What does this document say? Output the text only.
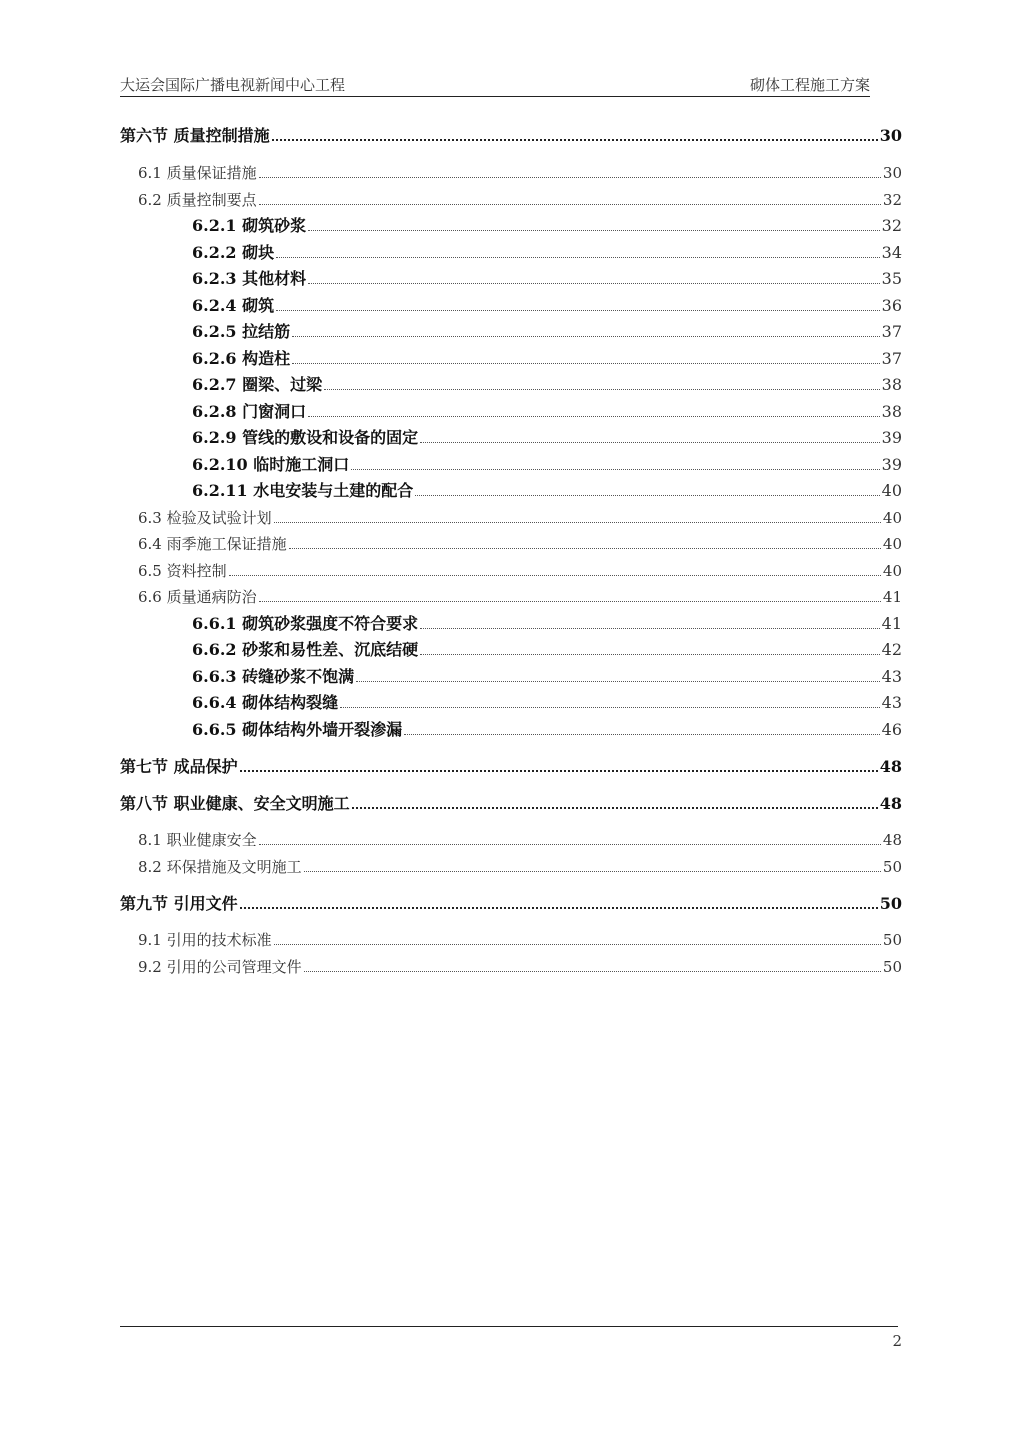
大运会国际广播电视新闻中心工程	砌体工程施工方案
第六节 质量控制措施	30
6.1 质量保证措施	30
6.2 质量控制要点	32
6.2.1 砌筑砂浆	32
6.2.2 砌块	34
6.2.3 其他材料	35
6.2.4 砌筑	36
6.2.5 拉结筋	37
6.2.6 构造柱	37
6.2.7 圈梁、过梁	38
6.2.8 门窗洞口	38
6.2.9 管线的敷设和设备的固定	39
6.2.10 临时施工洞口	39
6.2.11 水电安装与土建的配合	40
6.3 检验及试验计划	40
6.4 雨季施工保证措施	40
6.5 资料控制	40
6.6 质量通病防治	41
6.6.1 砌筑砂浆强度不符合要求	41
6.6.2 砂浆和易性差、沉底结硬	42
6.6.3 砖缝砂浆不饱满	43
6.6.4 砌体结构裂缝	43
6.6.5 砌体结构外墙开裂渗漏	46
第七节 成品保护	48
第八节 职业健康、安全文明施工	48
8.1 职业健康安全	48
8.2 环保措施及文明施工	50
第九节 引用文件	50
9.1 引用的技术标准	50
9.2 引用的公司管理文件	50
2
